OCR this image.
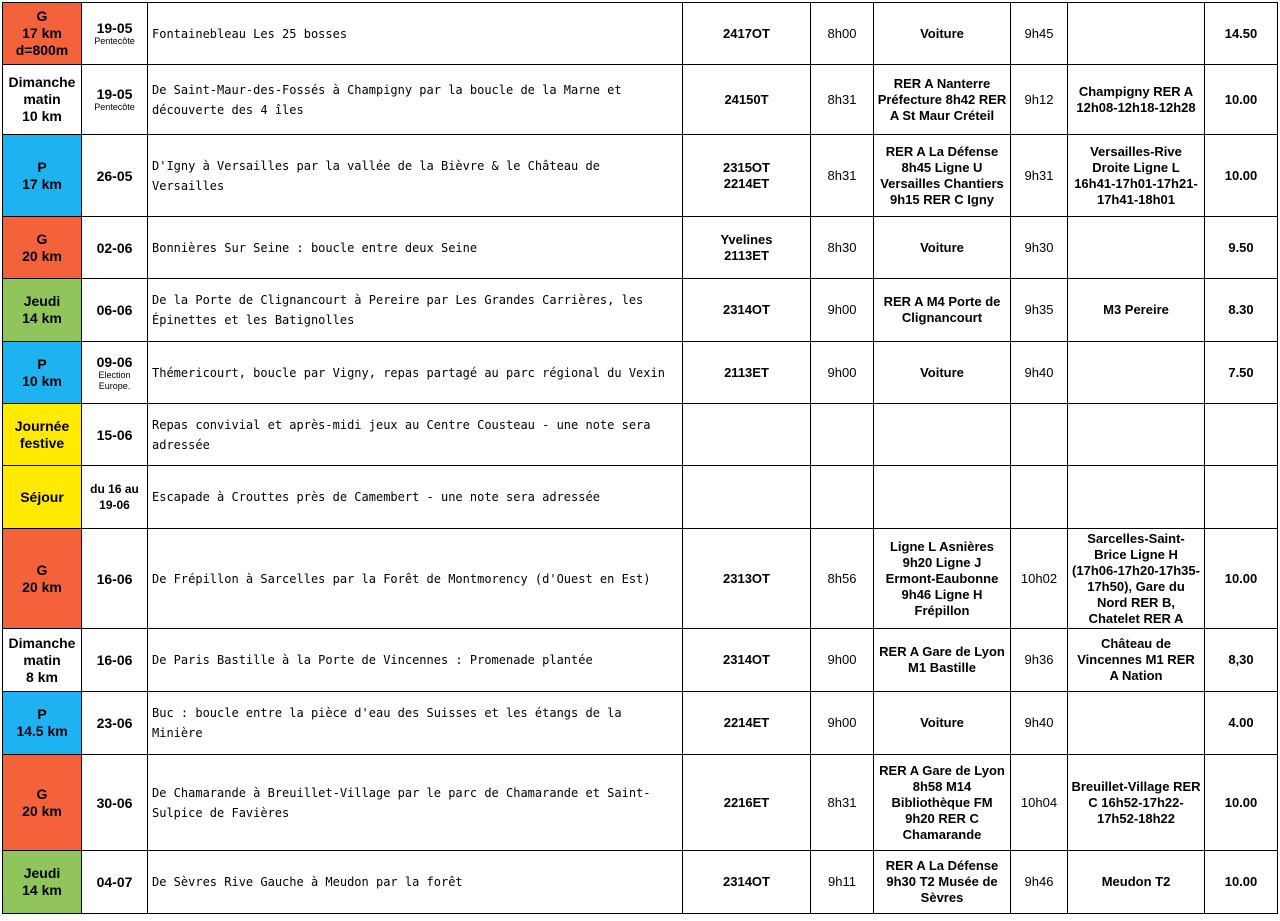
G
17 km
d=800m	19-05
Pentecôte	Fontainebleau Les 25 bosses	2417OT	8h00	Voiture	9h45		14.50
Dimanche
matin
10 km	19-05
Pentecôte	De Saint-Maur-des-Fossés à Champigny par la boucle de la Marne et découverte des 4 îles	24150T	8h31	RER A Nanterre Préfecture 8h42 RER A St Maur Créteil	9h12	Champigny RER A 12h08-12h18-12h28	10.00
P
17 km	26-05	D'Igny à Versailles par la vallée de la Bièvre & le Château de Versailles	2315OT
2214ET	8h31	RER A La Défense 8h45 Ligne U Versailles Chantiers 9h15 RER C Igny	9h31	Versailles-Rive Droite Ligne L 16h41-17h01-17h21-17h41-18h01	10.00
G
20 km	02-06	Bonnières Sur Seine : boucle entre deux Seine	Yvelines
2113ET	8h30	Voiture	9h30		9.50
Jeudi
14 km	06-06	De la Porte de Clignancourt à Pereire par Les Grandes Carrières, les Épinettes et les Batignolles	2314OT	9h00	RER A M4 Porte de Clignancourt	9h35	M3 Pereire	8.30
P
10 km	09-06
Election
Europe.	Thémericourt, boucle par Vigny, repas partagé au parc régional du Vexin	2113ET	9h00	Voiture	9h40		7.50
Journée
festive	15-06	Repas convivial et après-midi jeux au Centre Cousteau - une note sera adressée						
Séjour	du 16 au
19-06	Escapade à Crouttes près de Camembert - une note sera adressée						
G
20 km	16-06	De Frépillon à Sarcelles par la Forêt de Montmorency (d'Ouest en Est)	2313OT	8h56	Ligne L Asnières 9h20 Ligne J Ermont-Eaubonne 9h46 Ligne H Frépillon	10h02	Sarcelles-Saint-Brice Ligne H (17h06-17h20-17h35-17h50), Gare du Nord RER B, Chatelet RER A	10.00
Dimanche
matin
8 km	16-06	De Paris Bastille à la Porte de Vincennes : Promenade plantée	2314OT	9h00	RER A Gare de Lyon M1 Bastille	9h36	Château de Vincennes M1 RER A Nation	8,30
P
14.5 km	23-06	Buc : boucle entre la pièce d'eau des Suisses et les étangs de la Minière	2214ET	9h00	Voiture	9h40		4.00
G
20 km	30-06	De Chamarande à Breuillet-Village par le parc de Chamarande et Saint-Sulpice de Favières	2216ET	8h31	RER A Gare de Lyon 8h58 M14 Bibliothèque FM 9h20 RER C Chamarande	10h04	Breuillet-Village RER C 16h52-17h22-17h52-18h22	10.00
Jeudi
14 km	04-07	De Sèvres Rive Gauche à Meudon par la forêt	2314OT	9h11	RER A La Défense 9h30 T2 Musée de Sèvres	9h46	Meudon T2	10.00
